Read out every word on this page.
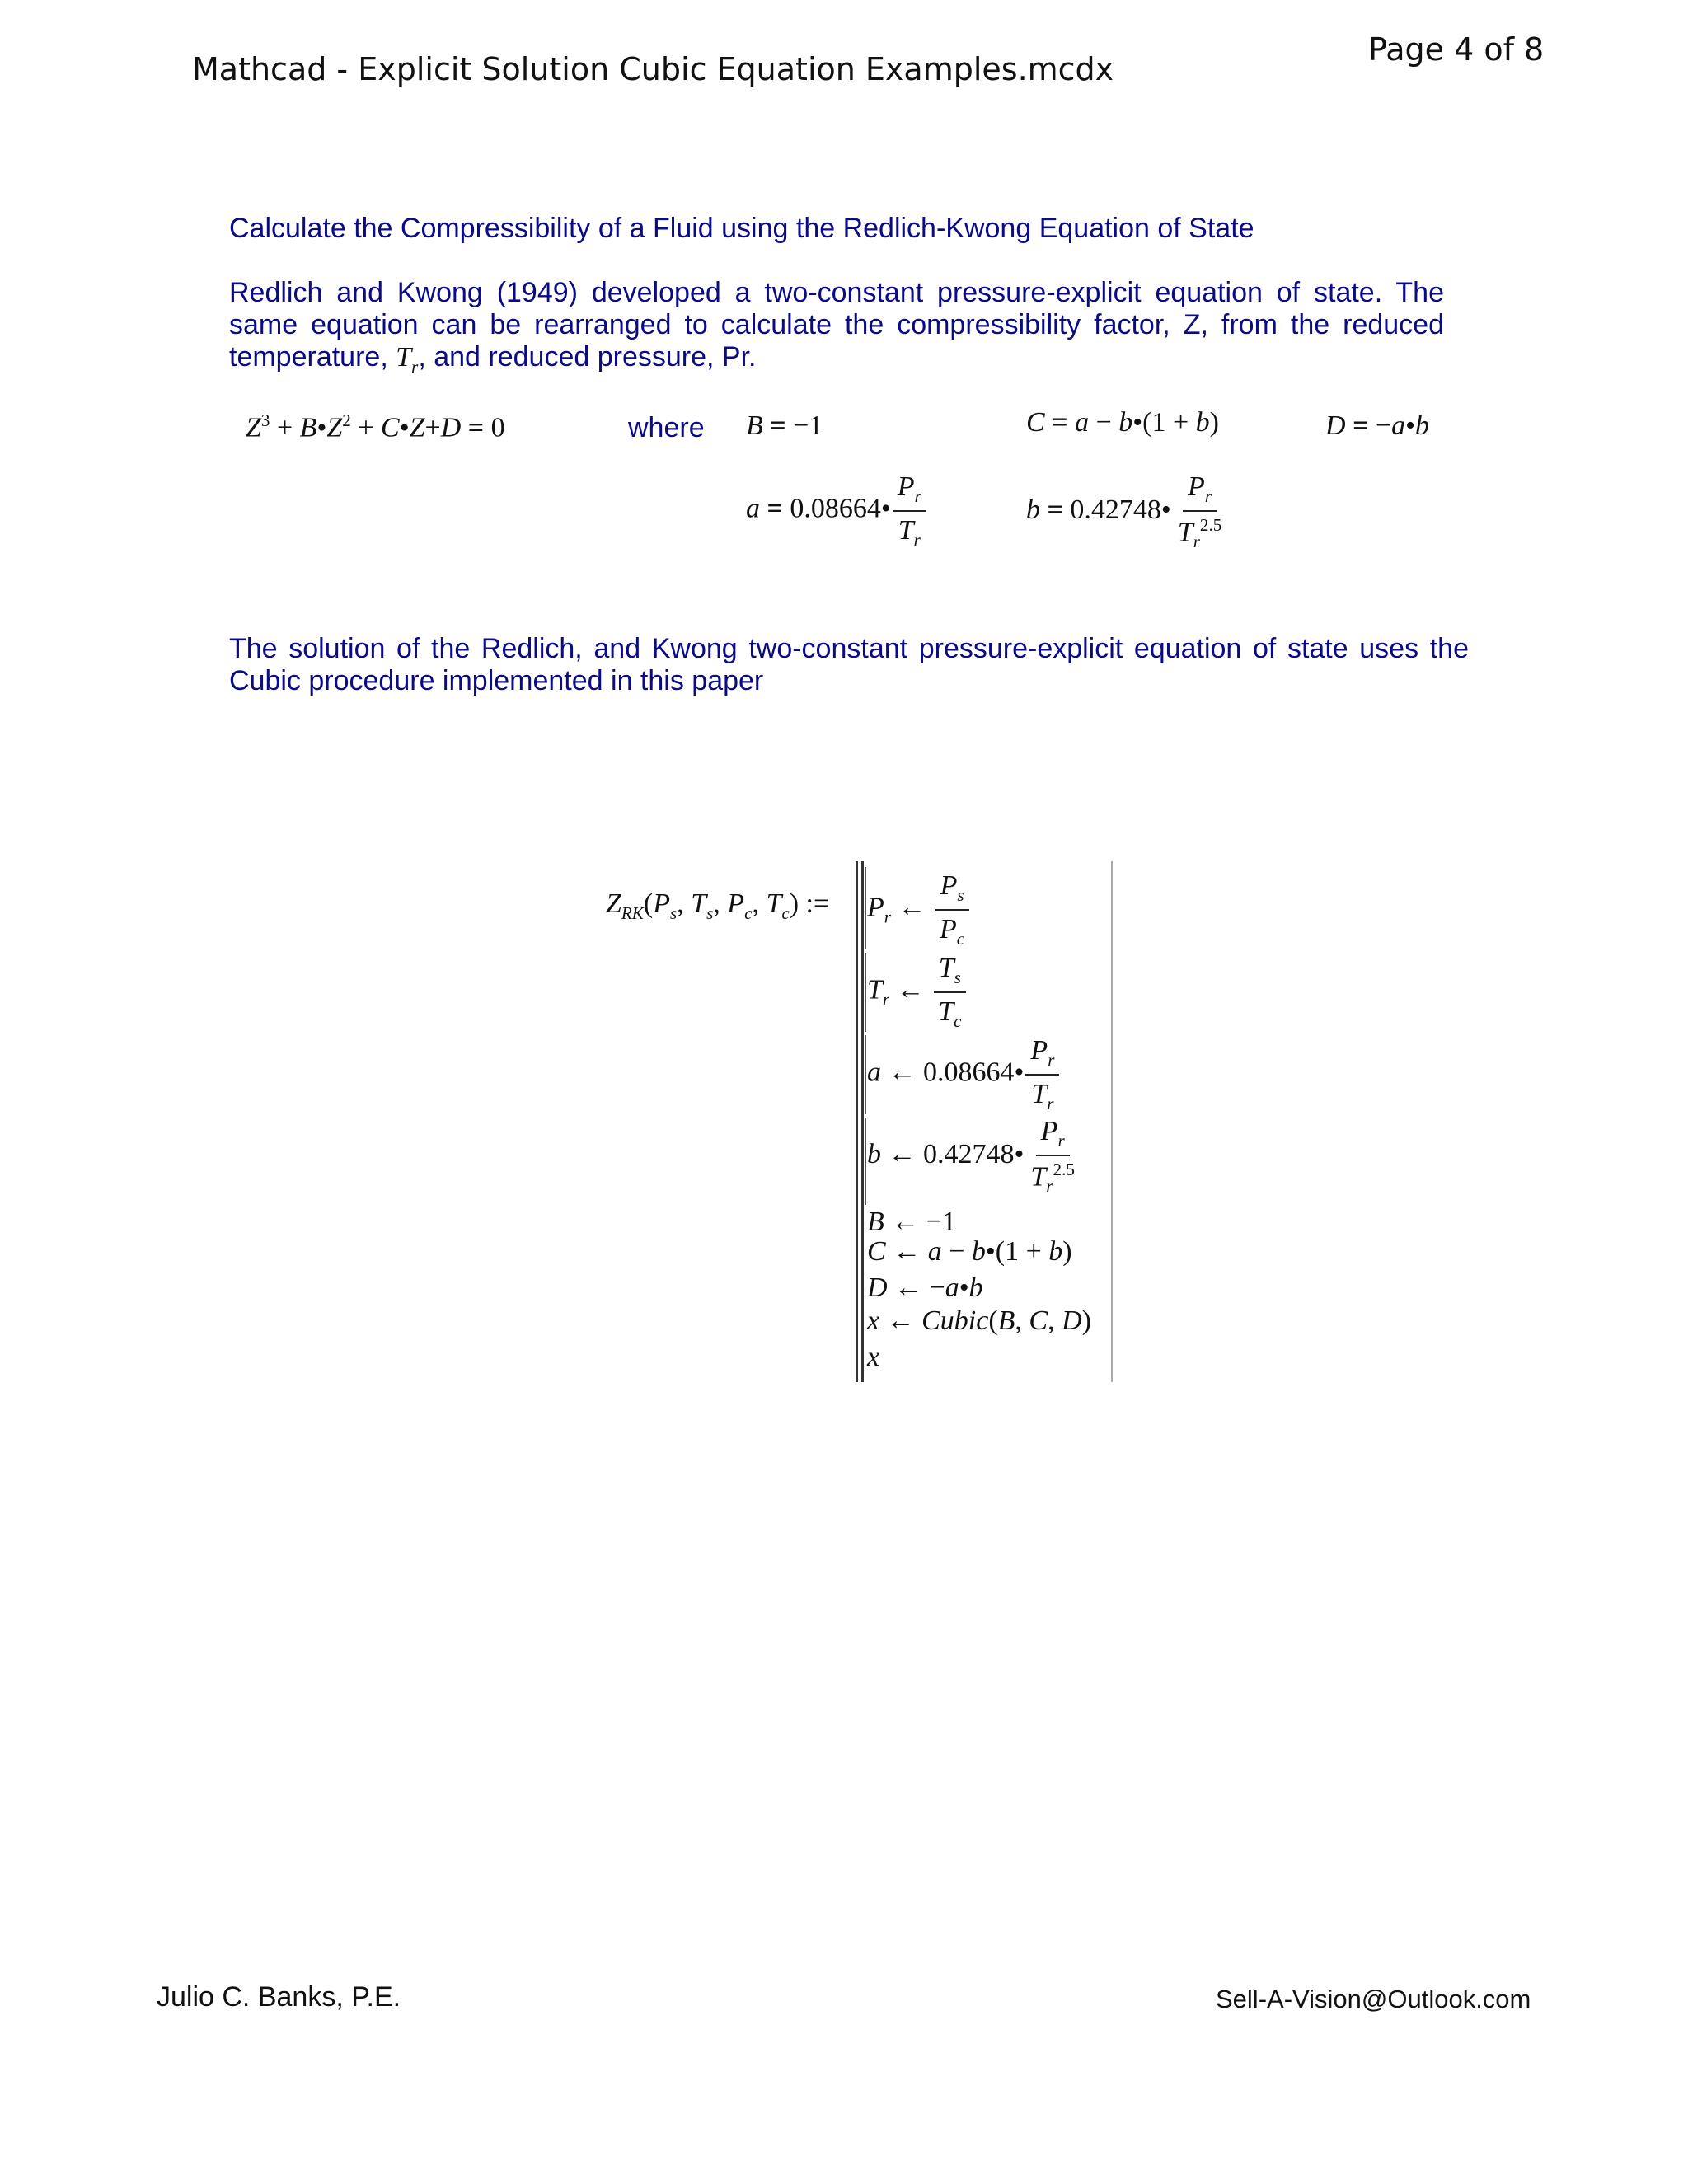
Mathcad - Explicit Solution Cubic Equation Examples.mcdx
Page 4 of 8
Calculate the Compressibility of a Fluid using the Redlich-Kwong Equation of State
Redlich and Kwong (1949) developed a two-constant pressure-explicit equation of state. The same equation can be rearranged to calculate the compressibility factor, Z, from the reduced temperature, $T_r$, and reduced pressure, Pr.
$Z^3$ + $B•Z^2$ + C•Z+D = 0	where B = −1	C = a − b•(1 + b)	D = −a•b
a = 0.08664• $\frac{P_r}{T_r}$	b = 0.42748• $\frac{P_r}{T_r^{2.5}}$
The solution of the Redlich, and Kwong two-constant pressure-explicit equation of state uses the Cubic procedure implemented in this paper
$Z_{RK}(P_s$, $T_s$, $P_c$, $T_c$) := $P_r$ ← $\frac{P_s}{P_c}$
$T_r$ ← $\frac{T_s}{T_c}$
a ← 0.08664• $\frac{P_r}{T_r}$
b ← 0.42748• $\frac{P_r}{T_r^{2.5}}$
B ← −1
C ← a − b•(1 + b)
D ← −a•b
x ← Cubic(B, C, D)
x
Julio C. Banks, P.E.	Sell-A-Vision@Outlook.com
